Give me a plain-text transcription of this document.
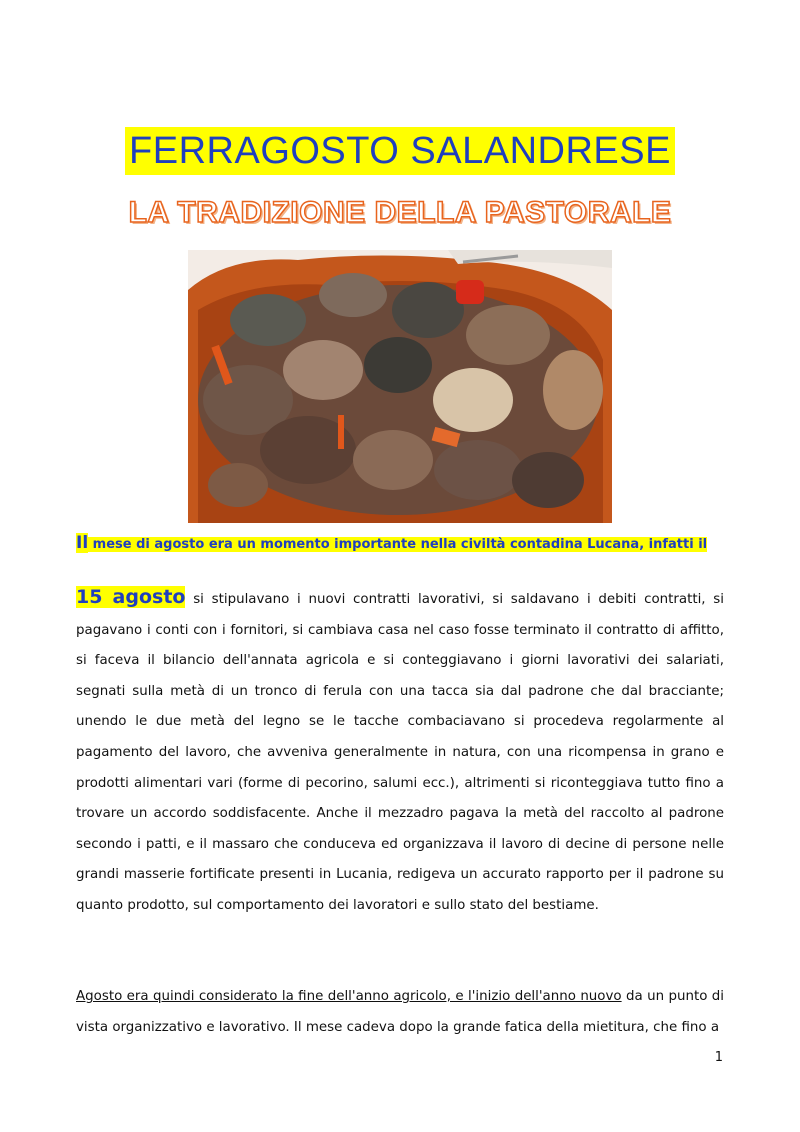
FERRAGOSTO SALANDRESE
LA TRADIZIONE DELLA PASTORALE
Il mese di agosto era un momento importante nella civiltà contadina Lucana, infatti il
15 agosto si stipulavano i nuovi contratti lavorativi, si saldavano i debiti contratti, si pagavano i conti con i fornitori, si cambiava casa nel caso fosse terminato il contratto di affitto, si faceva il bilancio dell'annata agricola e si conteggiavano i giorni lavorativi dei salariati, segnati sulla metà di un tronco di ferula con una tacca sia dal padrone che dal bracciante; unendo le due metà del legno se le tacche combaciavano si procedeva regolarmente al pagamento del lavoro, che avveniva generalmente in natura, con una ricompensa in grano e prodotti alimentari vari (forme di pecorino, salumi ecc.), altrimenti si riconteggiava tutto fino a trovare un accordo soddisfacente. Anche il mezzadro pagava la metà del raccolto al padrone secondo i patti, e il massaro che conduceva ed organizzava il lavoro di decine di persone nelle grandi masserie fortificate presenti in Lucania, redigeva un accurato rapporto per il padrone su quanto prodotto, sul comportamento dei lavoratori e sullo stato del bestiame.
Agosto era quindi considerato la fine dell'anno agricolo, e l'inizio dell'anno nuovo da un punto di vista organizzativo e lavorativo. Il mese cadeva dopo la grande fatica della mietitura, che fino a
1
